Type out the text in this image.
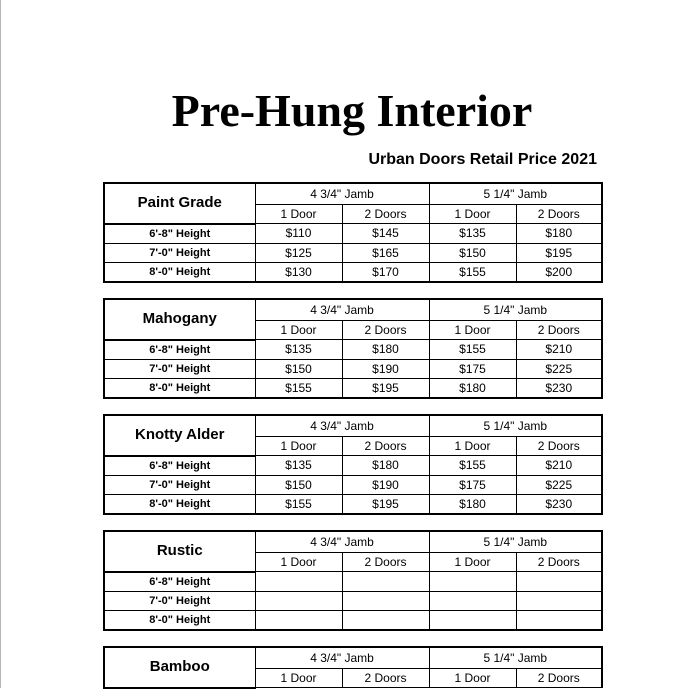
Pre-Hung Interior
Urban Doors Retail Price 2021
Paint Grade	4 3/4" Jamb		5 1/4" Jamb	
	1 Door	2 Doors	1 Door	2 Doors
6'-8" Height	$110	$145	$135	$180
7'-0" Height	$125	$165	$150	$195
8'-0" Height	$130	$170	$155	$200
Mahogany	4 3/4" Jamb		5 1/4" Jamb	
	1 Door	2 Doors	1 Door	2 Doors
6'-8" Height	$135	$180	$155	$210
7'-0" Height	$150	$190	$175	$225
8'-0" Height	$155	$195	$180	$230
Knotty Alder	4 3/4" Jamb		5 1/4" Jamb	
	1 Door	2 Doors	1 Door	2 Doors
6'-8" Height	$135	$180	$155	$210
7'-0" Height	$150	$190	$175	$225
8'-0" Height	$155	$195	$180	$230
Rustic	4 3/4" Jamb		5 1/4" Jamb	
	1 Door	2 Doors	1 Door	2 Doors
6'-8" Height				
7'-0" Height				
8'-0" Height				
Bamboo	4 3/4" Jamb		5 1/4" Jamb	
	1 Door	2 Doors	1 Door	2 Doors
